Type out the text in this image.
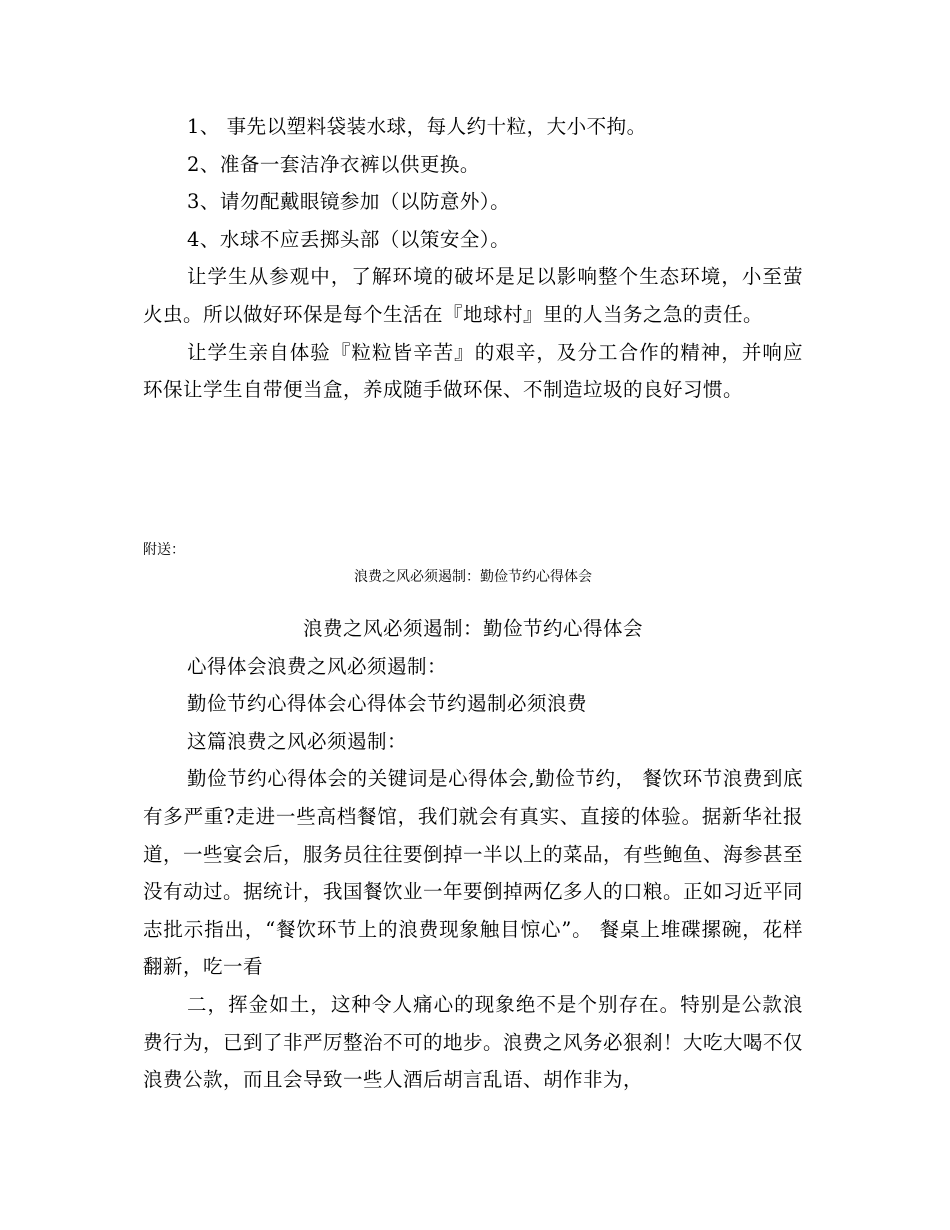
1、 事先以塑料袋装水球，每人约十粒，大小不拘。

2、准备一套洁净衣裤以供更换。

3、请勿配戴眼镜参加（以防意外）。

4、水球不应丢掷头部（以策安全）。

让学生从参观中，了解环境的破坏是足以影响整个生态环境，小至萤火虫。所以做好环保是每个生活在『地球村』里的人当务之急的责任。

让学生亲自体验『粒粒皆辛苦』的艰辛，及分工合作的精神，并响应环保让学生自带便当盒，养成随手做环保、不制造垃圾的良好习惯。

附送：

浪费之风必须遏制：勤俭节约心得体会

浪费之风必须遏制：勤俭节约心得体会

心得体会浪费之风必须遏制：

勤俭节约心得体会心得体会节约遏制必须浪费

这篇浪费之风必须遏制：

勤俭节约心得体会的关键词是心得体会,勤俭节约， 餐饮环节浪费到底有多严重?走进一些高档餐馆，我们就会有真实、直接的体验。据新华社报道，一些宴会后，服务员往往要倒掉一半以上的菜品，有些鲍鱼、海参甚至没有动过。据统计，我国餐饮业一年要倒掉两亿多人的口粮。正如习近平同志批示指出，“餐饮环节上的浪费现象触目惊心”。 餐桌上堆碟摞碗，花样翻新，吃一看

二，挥金如土，这种令人痛心的现象绝不是个别存在。特别是公款浪费行为，已到了非严厉整治不可的地步。浪费之风务必狠刹！大吃大喝不仅浪费公款，而且会导致一些人酒后胡言乱语、胡作非为，
